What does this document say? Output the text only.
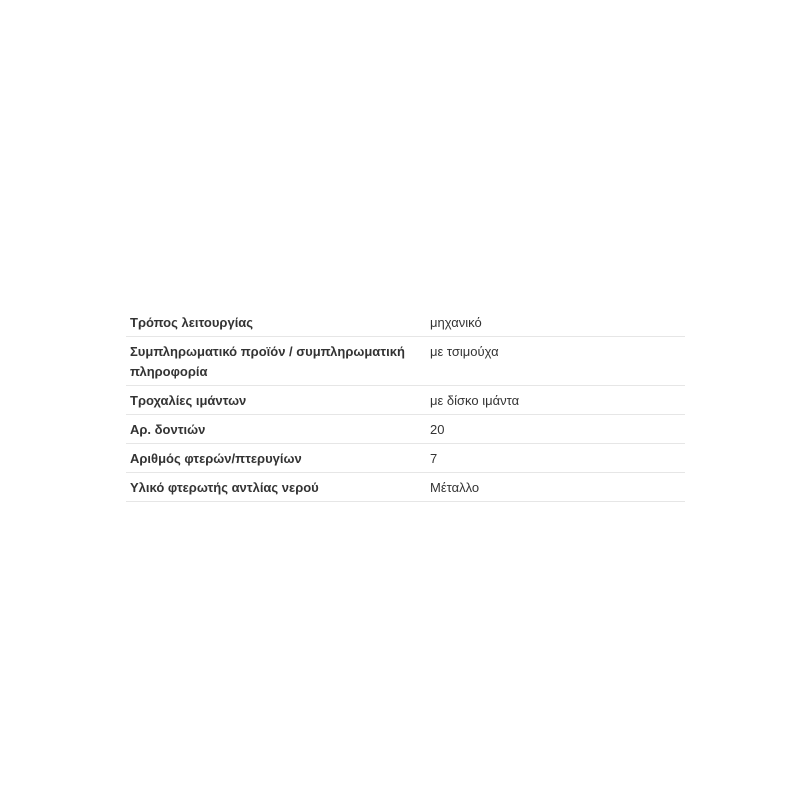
Τρόπος λειτουργίας	μηχανικό
Συμπληρωματικό προϊόν / συμπληρωματική πληροφορία	με τσιμούχα
Τροχαλίες ιμάντων	με δίσκο ιμάντα
Αρ. δοντιών	20
Αριθμός φτερών/πτερυγίων	7
Υλικό φτερωτής αντλίας νερού	Μέταλλο
